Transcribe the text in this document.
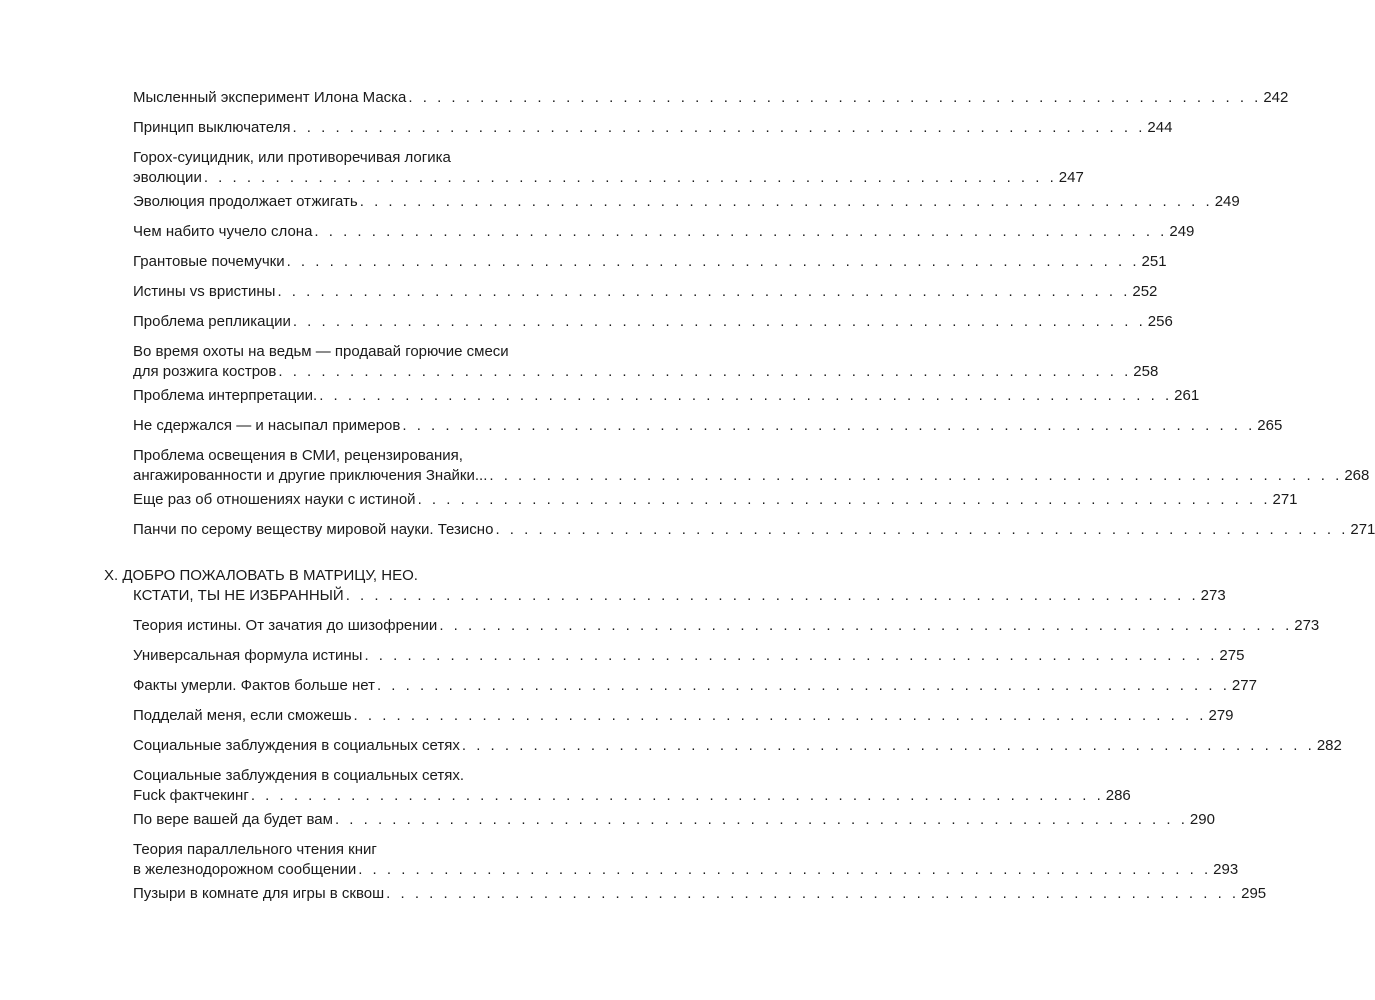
Мысленный эксперимент Илона Маска . . . . . . . . . . . . . . . . . . . . . . . . . . . . . . . . . . . . . . . . . . . . . . . . . . . . . . . . . . . . 242
Принцип выключателя . . . . . . . . . . . . . . . . . . . . . . . . . . . . . . . . . . . . . . . . . . . . . . . . . . . . . . . . . . . . 244
Горох-суицидник, или противоречивая логика
эволюции . . . . . . . . . . . . . . . . . . . . . . . . . . . . . . . . . . . . . . . . . . . . . . . . . . . . . . . . . . . . 247
Эволюция продолжает отжигать . . . . . . . . . . . . . . . . . . . . . . . . . . . . . . . . . . . . . . . . . . . . . . . . . . . . . . . . . . . . 249
Чем набито чучело слона . . . . . . . . . . . . . . . . . . . . . . . . . . . . . . . . . . . . . . . . . . . . . . . . . . . . . . . . . . . . 249
Грантовые почемучки . . . . . . . . . . . . . . . . . . . . . . . . . . . . . . . . . . . . . . . . . . . . . . . . . . . . . . . . . . . . 251
Истины vs вристины . . . . . . . . . . . . . . . . . . . . . . . . . . . . . . . . . . . . . . . . . . . . . . . . . . . . . . . . . . . . 252
Проблема репликации . . . . . . . . . . . . . . . . . . . . . . . . . . . . . . . . . . . . . . . . . . . . . . . . . . . . . . . . . . . . 256
Во время охоты на ведьм — продавай горючие смеси
для розжига костров . . . . . . . . . . . . . . . . . . . . . . . . . . . . . . . . . . . . . . . . . . . . . . . . . . . . . . . . . . . . 258
Проблема интерпретации. . . . . . . . . . . . . . . . . . . . . . . . . . . . . . . . . . . . . . . . . . . . . . . . . . . . . . . . . . . . . 261
Не сдержался — и насыпал примеров . . . . . . . . . . . . . . . . . . . . . . . . . . . . . . . . . . . . . . . . . . . . . . . . . . . . . . . . . . . . 265
Проблема освещения в СМИ, рецензирования,
ангажированности и другие приключения Знайки... . . . . . . . . . . . . . . . . . . . . . . . . . . . . . . . . . . . . . . . . . . . . . . . . . . . . . . . . . . . . 268
Еще раз об отношениях науки с истиной . . . . . . . . . . . . . . . . . . . . . . . . . . . . . . . . . . . . . . . . . . . . . . . . . . . . . . . . . . . . 271
Панчи по серому веществу мировой науки. Тезисно . . . . . . . . . . . . . . . . . . . . . . . . . . . . . . . . . . . . . . . . . . . . . . . . . . . . . . . . . . . . 271
X. ДОБРО ПОЖАЛОВАТЬ В МАТРИЦУ, НЕО.
КСТАТИ, ТЫ НЕ ИЗБРАННЫЙ . . . . . . . . . . . . . . . . . . . . . . . . . . . . . . . . . . . . . . . . . . . . . . . . . . . . . . . . . . . . 273
Теория истины. От зачатия до шизофрении . . . . . . . . . . . . . . . . . . . . . . . . . . . . . . . . . . . . . . . . . . . . . . . . . . . . . . . . . . . . 273
Универсальная формула истины . . . . . . . . . . . . . . . . . . . . . . . . . . . . . . . . . . . . . . . . . . . . . . . . . . . . . . . . . . . . 275
Факты умерли. Фактов больше нет . . . . . . . . . . . . . . . . . . . . . . . . . . . . . . . . . . . . . . . . . . . . . . . . . . . . . . . . . . . . 277
Подделай меня, если сможешь . . . . . . . . . . . . . . . . . . . . . . . . . . . . . . . . . . . . . . . . . . . . . . . . . . . . . . . . . . . . 279
Социальные заблуждения в социальных сетях . . . . . . . . . . . . . . . . . . . . . . . . . . . . . . . . . . . . . . . . . . . . . . . . . . . . . . . . . . . . 282
Социальные заблуждения в социальных сетях.
Fuck фактчекинг . . . . . . . . . . . . . . . . . . . . . . . . . . . . . . . . . . . . . . . . . . . . . . . . . . . . . . . . . . . . 286
По вере вашей да будет вам . . . . . . . . . . . . . . . . . . . . . . . . . . . . . . . . . . . . . . . . . . . . . . . . . . . . . . . . . . . . 290
Теория параллельного чтения книг
в железнодорожном сообщении . . . . . . . . . . . . . . . . . . . . . . . . . . . . . . . . . . . . . . . . . . . . . . . . . . . . . . . . . . . . 293
Пузыри в комнате для игры в сквош . . . . . . . . . . . . . . . . . . . . . . . . . . . . . . . . . . . . . . . . . . . . . . . . . . . . . . . . . . . . 295
